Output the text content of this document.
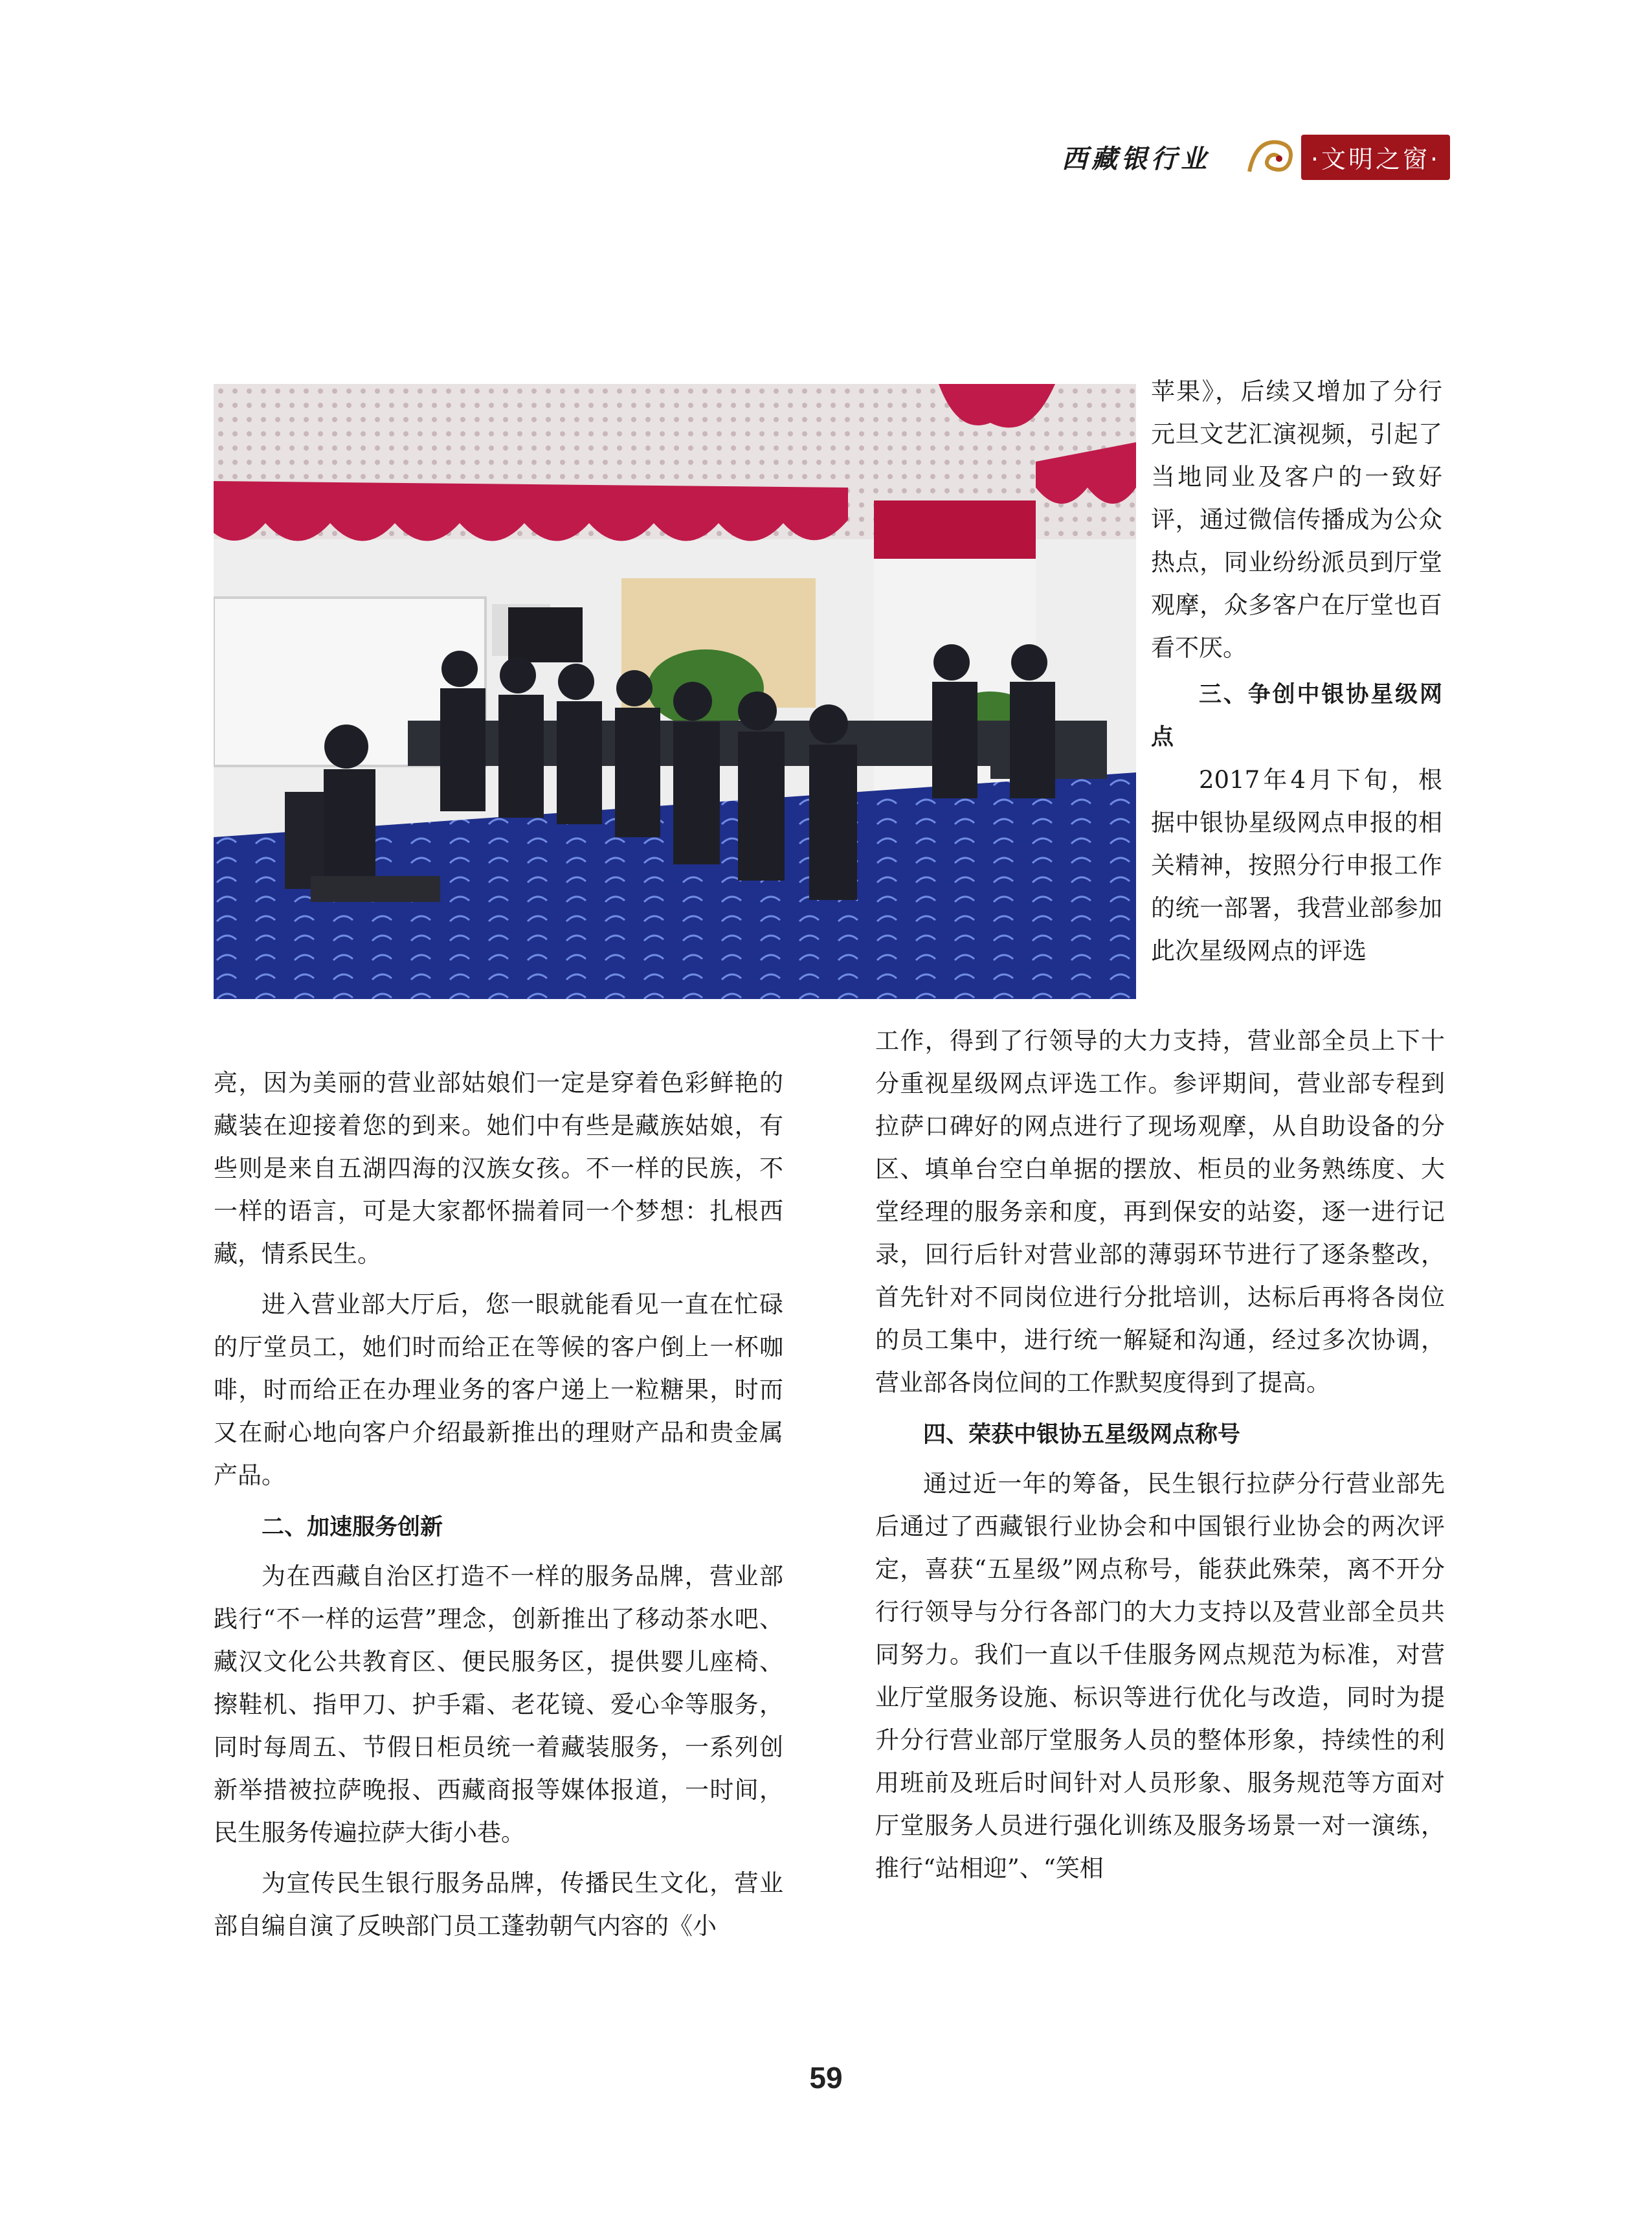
西藏银行业	·文明之窗·

苹果》，后续又增加了分行元旦文艺汇演视频，引起了当地同业及客户的一致好评，通过微信传播成为公众热点，同业纷纷派员到厅堂观摩，众多客户在厅堂也百看不厌。

三、争创中银协星级网点

2017年4月下旬，根据中银协星级网点申报的相关精神，按照分行申报工作的统一部署，我营业部参加此次星级网点的评选

亮，因为美丽的营业部姑娘们一定是穿着色彩鲜艳的藏装在迎接着您的到来。她们中有些是藏族姑娘，有些则是来自五湖四海的汉族女孩。不一样的民族，不一样的语言，可是大家都怀揣着同一个梦想：扎根西藏，情系民生。

进入营业部大厅后，您一眼就能看见一直在忙碌的厅堂员工，她们时而给正在等候的客户倒上一杯咖啡，时而给正在办理业务的客户递上一粒糖果，时而又在耐心地向客户介绍最新推出的理财产品和贵金属产品。

二、加速服务创新

为在西藏自治区打造不一样的服务品牌，营业部践行“不一样的运营”理念，创新推出了移动茶水吧、藏汉文化公共教育区、便民服务区，提供婴儿座椅、擦鞋机、指甲刀、护手霜、老花镜、爱心伞等服务，同时每周五、节假日柜员统一着藏装服务，一系列创新举措被拉萨晚报、西藏商报等媒体报道，一时间，民生服务传遍拉萨大街小巷。

为宣传民生银行服务品牌，传播民生文化，营业部自编自演了反映部门员工蓬勃朝气内容的《小

工作，得到了行领导的大力支持，营业部全员上下十分重视星级网点评选工作。参评期间，营业部专程到拉萨口碑好的网点进行了现场观摩，从自助设备的分区、填单台空白单据的摆放、柜员的业务熟练度、大堂经理的服务亲和度，再到保安的站姿，逐一进行记录，回行后针对营业部的薄弱环节进行了逐条整改，首先针对不同岗位进行分批培训，达标后再将各岗位的员工集中，进行统一解疑和沟通，经过多次协调，营业部各岗位间的工作默契度得到了提高。

四、荣获中银协五星级网点称号

通过近一年的筹备，民生银行拉萨分行营业部先后通过了西藏银行业协会和中国银行业协会的两次评定，喜获“五星级”网点称号，能获此殊荣，离不开分行行领导与分行各部门的大力支持以及营业部全员共同努力。我们一直以千佳服务网点规范为标准，对营业厅堂服务设施、标识等进行优化与改造，同时为提升分行营业部厅堂服务人员的整体形象，持续性的利用班前及班后时间针对人员形象、服务规范等方面对厅堂服务人员进行强化训练及服务场景一对一演练，推行“站相迎”、“笑相

59
